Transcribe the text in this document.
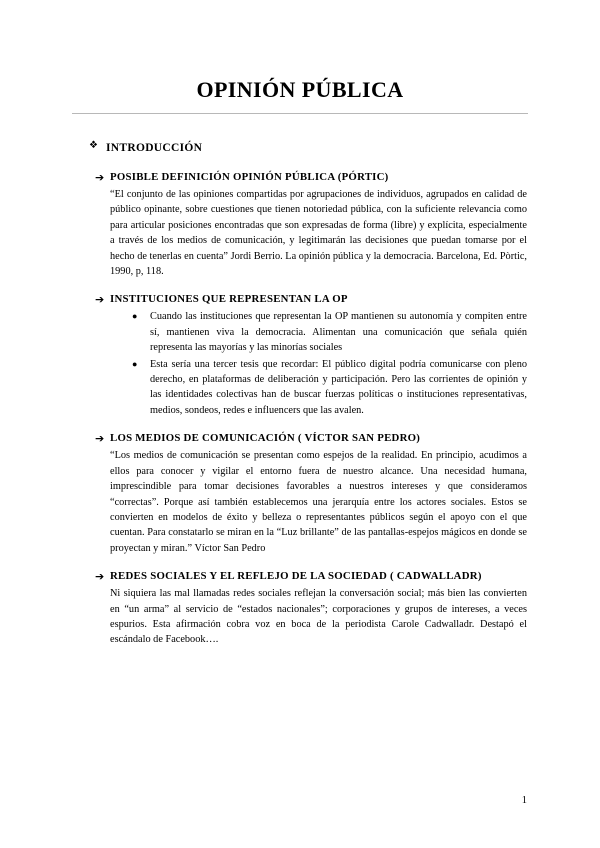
OPINIÓN PÚBLICA
❖ INTRODUCCIÓN
➔ POSIBLE DEFINICIÓN OPINIÓN PÚBLICA (PÓRTIC)

“El conjunto de las opiniones compartidas por agrupaciones de individuos, agrupados en calidad de público opinante, sobre cuestiones que tienen notoriedad pública, con la suficiente relevancia como para articular posiciones encontradas que son expresadas de forma (libre) y explícita, especialmente a través de los medios de comunicación, y legitimarán las decisiones que puedan tomarse por el hecho de tenerlas en cuenta” Jordi Berrio. La opinión pública y la democracia. Barcelona, Ed. Pòrtic, 1990, p, 118.

➔ INSTITUCIONES QUE REPRESENTAN LA OP
● Cuando las instituciones que representan la OP mantienen su autonomía y compiten entre sí, mantienen viva la democracia. Alimentan una comunicación que señala quién representa las mayorías y las minorías sociales
● Esta sería una tercer tesis que recordar: El público digital podría comunicarse con pleno derecho, en plataformas de deliberación y participación. Pero las corrientes de opinión y las identidades colectivas han de buscar fuerzas políticas o instituciones representativas, medios, sondeos, redes e influencers que las avalen.
➔ LOS MEDIOS DE COMUNICACIÓN ( VÍCTOR SAN PEDRO)

“Los medios de comunicación se presentan como espejos de la realidad. En principio, acudimos a ellos para conocer y vigilar el entorno fuera de nuestro alcance. Una necesidad humana, imprescindible para tomar decisiones favorables a nuestros intereses y que consideramos “correctas”. Porque así también establecemos una jerarquía entre los actores sociales. Estos se convierten en modelos de éxito y belleza o representantes públicos según el apoyo con el que cuentan. Para constatarlo se miran en la “Luz brillante” de las pantallas-espejos mágicos en donde se proyectan y miran.” Víctor San Pedro

➔ REDES SOCIALES Y EL REFLEJO DE LA SOCIEDAD ( CADWALLADR)

Ni siquiera las mal llamadas redes sociales reflejan la conversación social; más bien las convierten en “un arma” al servicio de “estados nacionales”; corporaciones y grupos de intereses, a veces espurios. Esta afirmación cobra voz en boca de la periodista Carole Cadwalladr. Destapó el escándalo de Facebook….

1
